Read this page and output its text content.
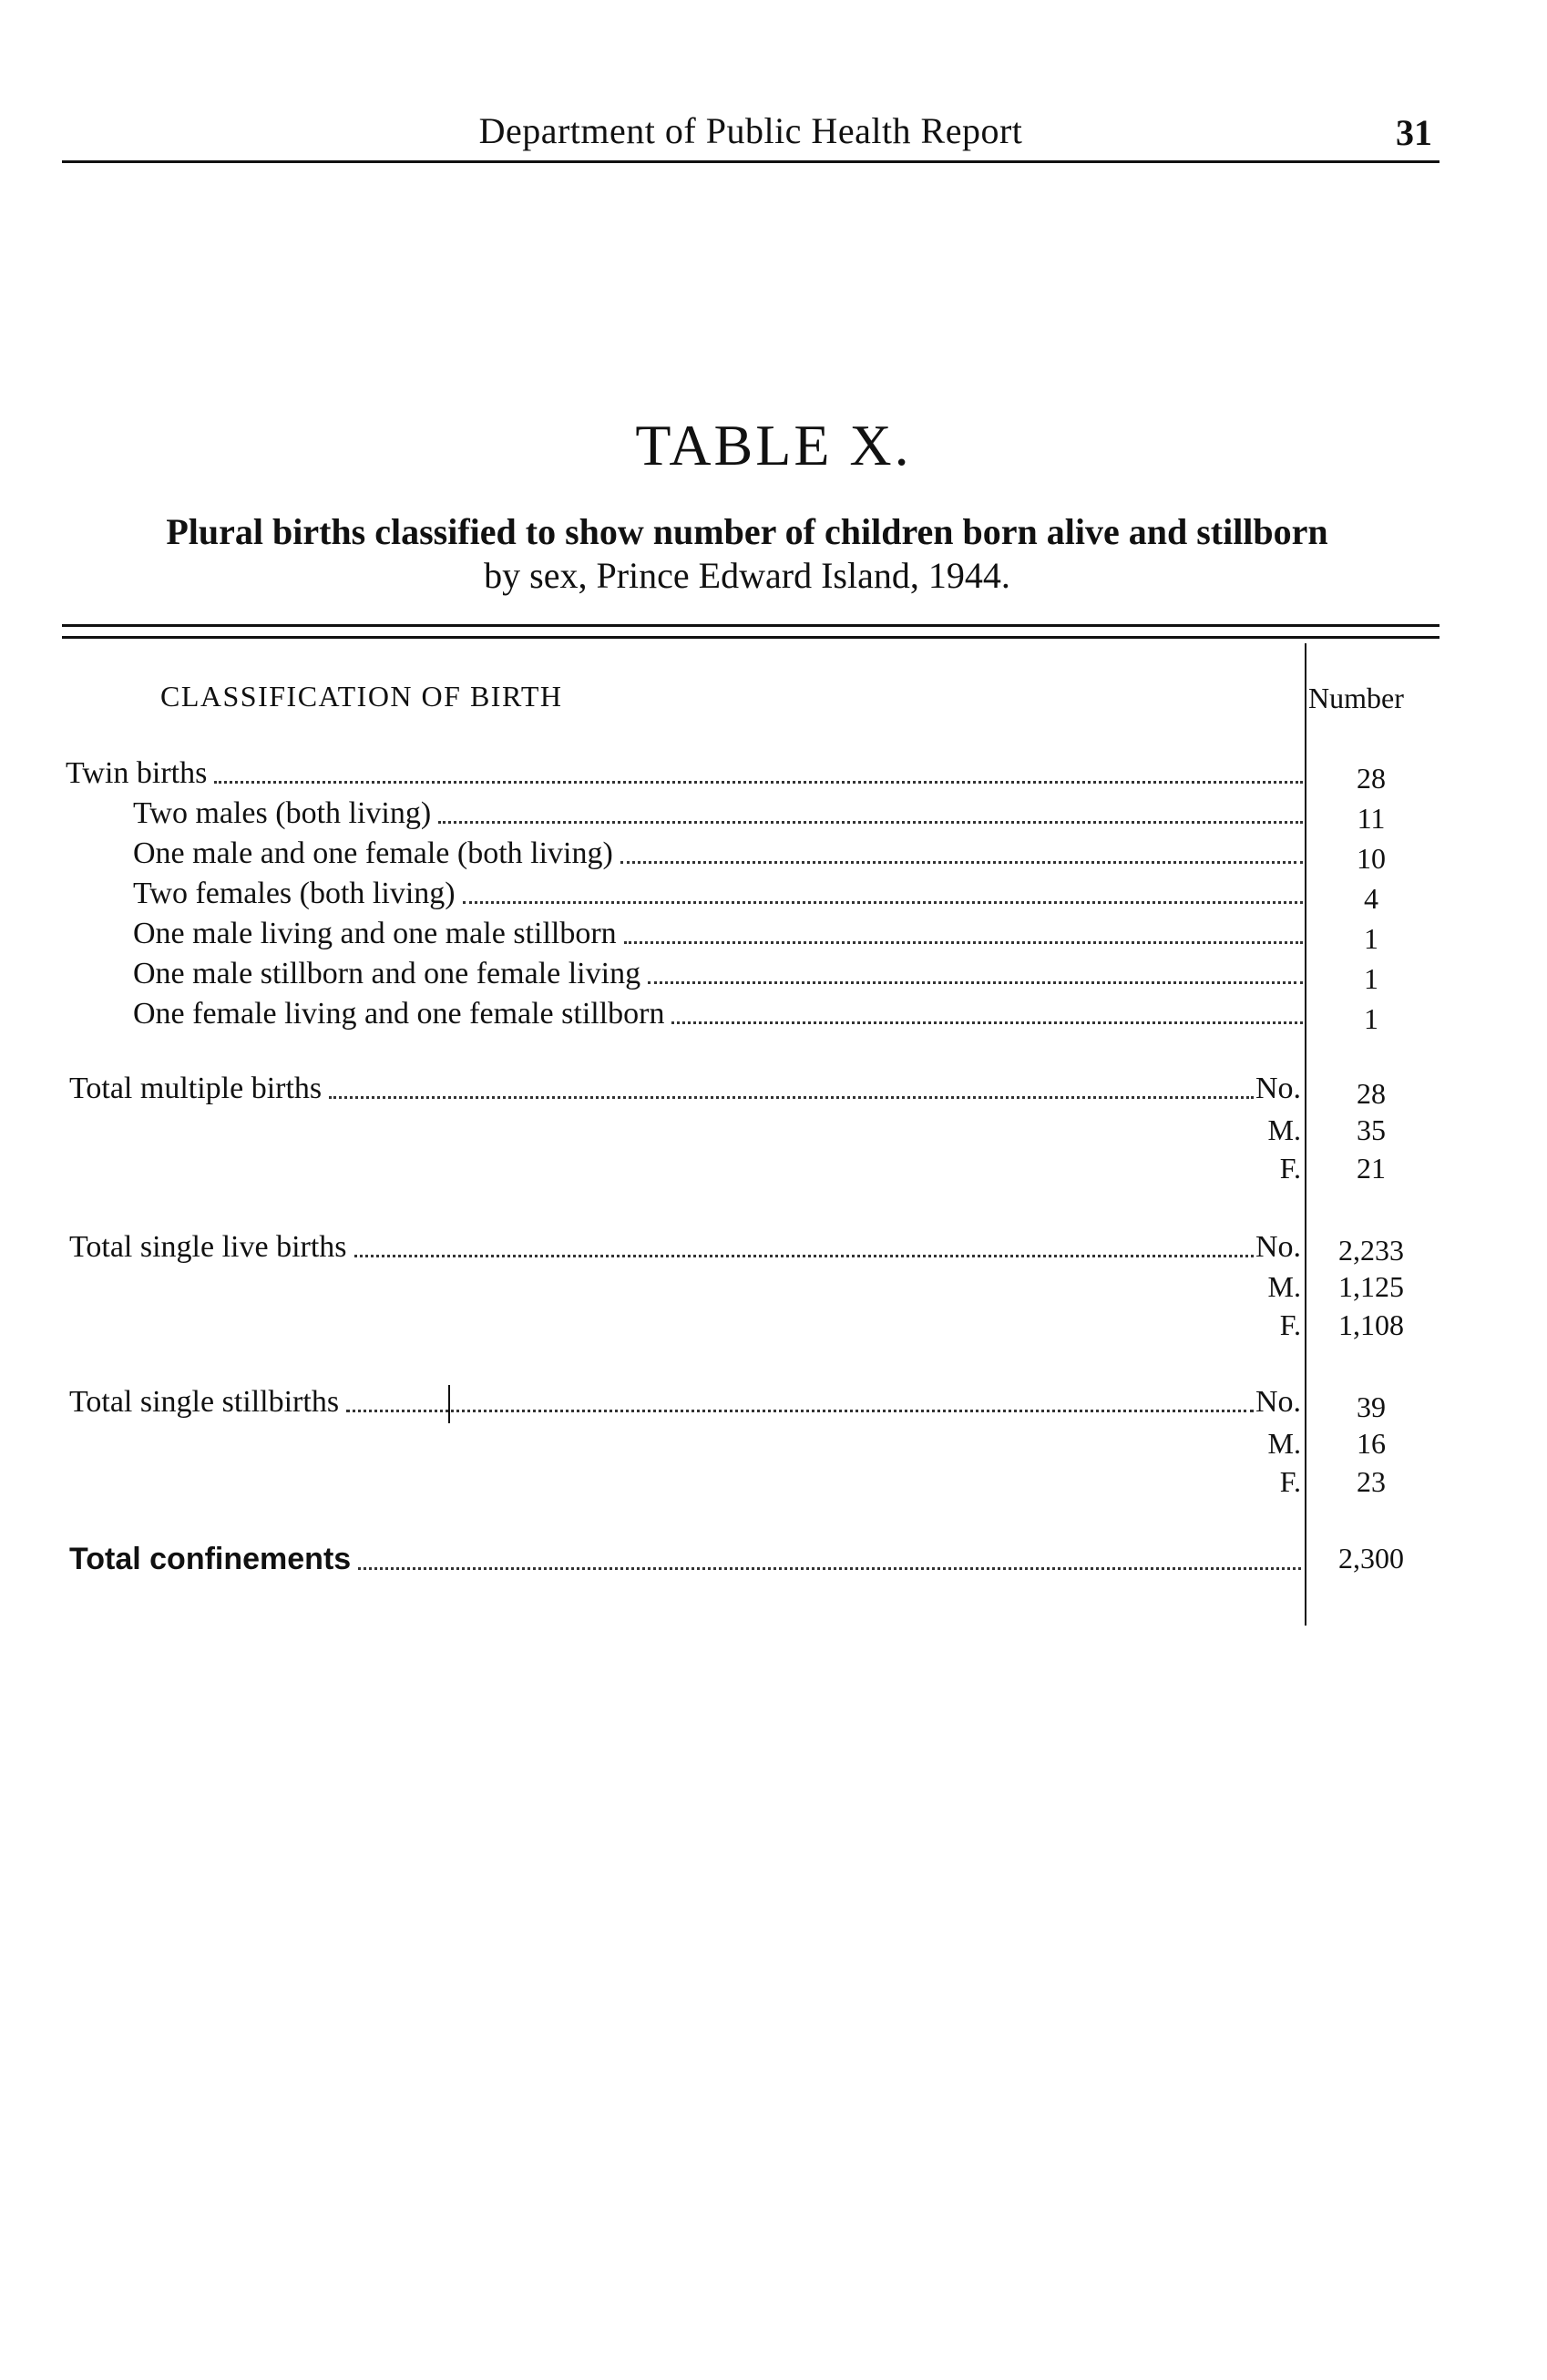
Department of Public Health Report	31
TABLE X.
Plural births classified to show number of children born alive and stillborn
by sex, Prince Edward Island, 1944.
CLASSIFICATION OF BIRTH	Number
Twin births	28
Two males (both living)	11
One male and one female (both living)	10
Two females (both living)	4
One male living and one male stillborn	1
One male stillborn and one female living	1
One female living and one female stillborn	1
Total multiple births	No.	28
M.	35
F.	21
Total single live births	No.	2,233
M.	1,125
F.	1,108
Total single stillbirths	No.	39
M.	16
F.	23
Total confinements	2,300
